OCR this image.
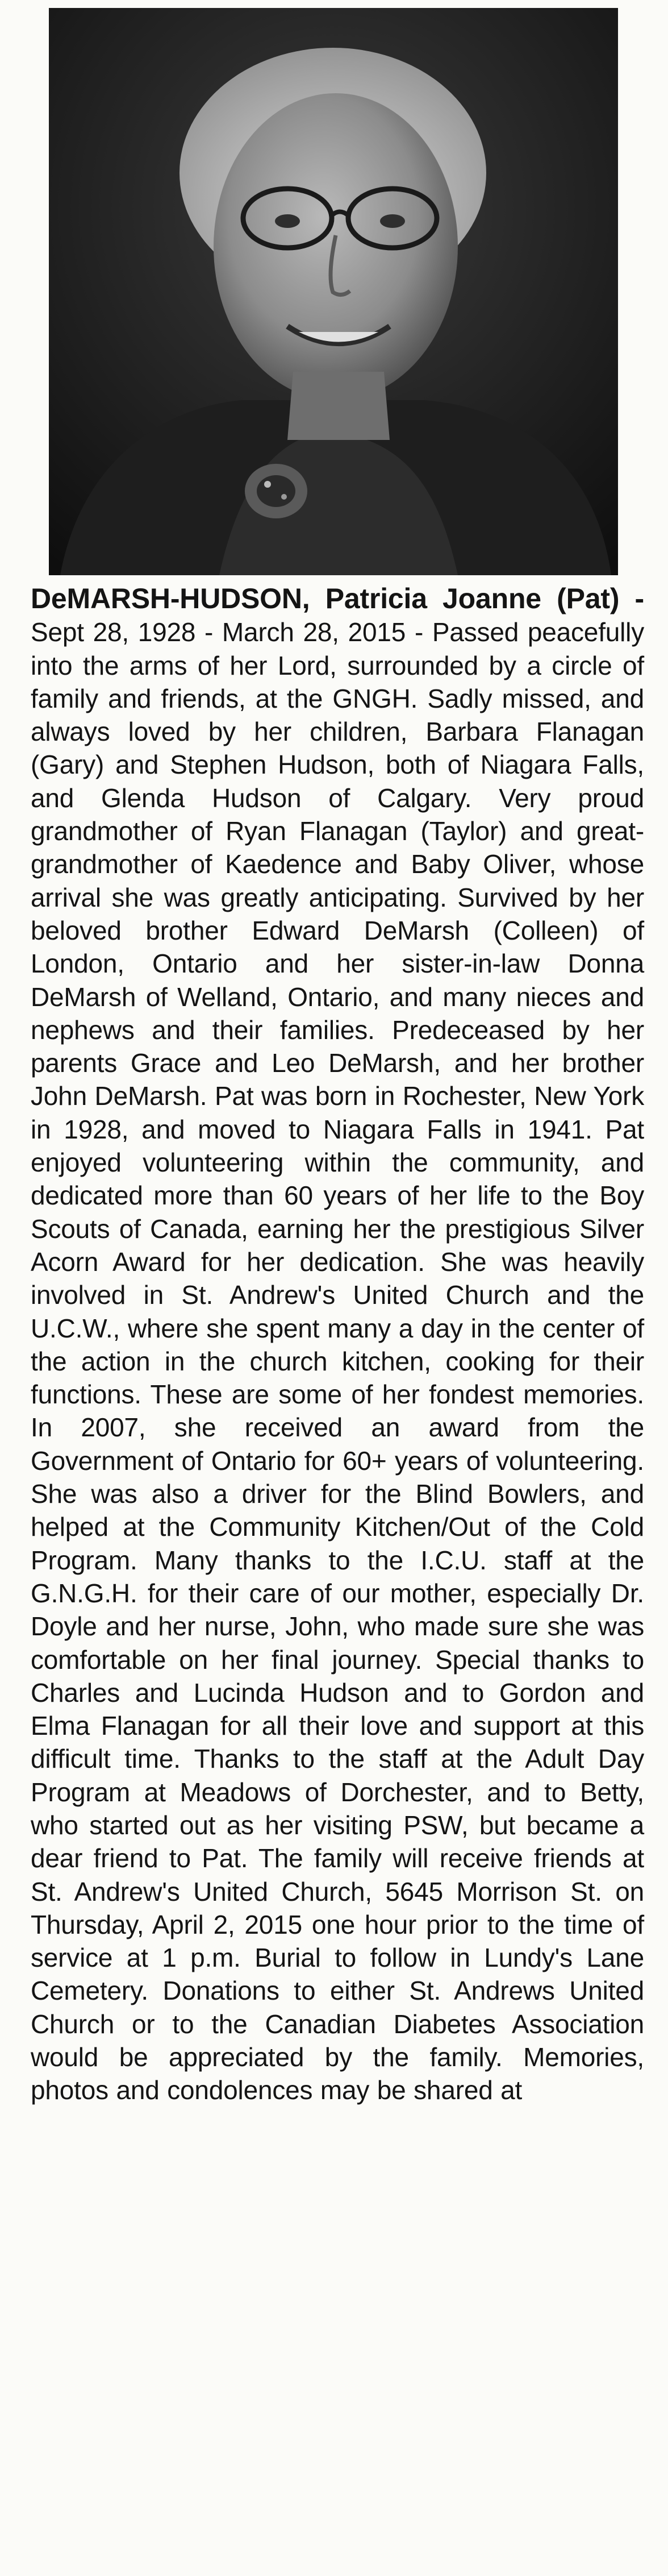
DeMARSH-HUDSON, Patricia Joanne (Pat) - Sept 28, 1928 - March 28, 2015 - Passed peacefully into the arms of her Lord, surrounded by a circle of family and friends, at the GNGH. Sadly missed, and always loved by her children, Barbara Flanagan (Gary) and Stephen Hudson, both of Niagara Falls, and Glenda Hudson of Calgary. Very proud grandmother of Ryan Flanagan (Taylor) and great-grandmother of Kaedence and Baby Oliver, whose arrival she was greatly anticipating. Survived by her beloved brother Edward DeMarsh (Colleen) of London, Ontario and her sister-in-law Donna DeMarsh of Welland, Ontario, and many nieces and nephews and their families. Predeceased by her parents Grace and Leo DeMarsh, and her brother John DeMarsh. Pat was born in Rochester, New York in 1928, and moved to Niagara Falls in 1941. Pat enjoyed volunteering within the community, and dedicated more than 60 years of her life to the Boy Scouts of Canada, earning her the prestigious Silver Acorn Award for her dedication. She was heavily involved in St. Andrew's United Church and the U.C.W., where she spent many a day in the center of the action in the church kitchen, cooking for their functions. These are some of her fondest memories. In 2007, she received an award from the Government of Ontario for 60+ years of volunteering. She was also a driver for the Blind Bowlers, and helped at the Community Kitchen/Out of the Cold Program. Many thanks to the I.C.U. staff at the G.N.G.H. for their care of our mother, especially Dr. Doyle and her nurse, John, who made sure she was comfortable on her final journey. Special thanks to Charles and Lucinda Hudson and to Gordon and Elma Flanagan for all their love and support at this difficult time. Thanks to the staff at the Adult Day Program at Meadows of Dorchester, and to Betty, who started out as her visiting PSW, but became a dear friend to Pat. The family will receive friends at St. Andrew's United Church, 5645 Morrison St. on Thursday, April 2, 2015 one hour prior to the time of service at 1 p.m. Burial to follow in Lundy's Lane Cemetery. Donations to either St. Andrews United Church or to the Canadian Diabetes Association would be appreciated by the family. Memories, photos and condolences may be shared at
